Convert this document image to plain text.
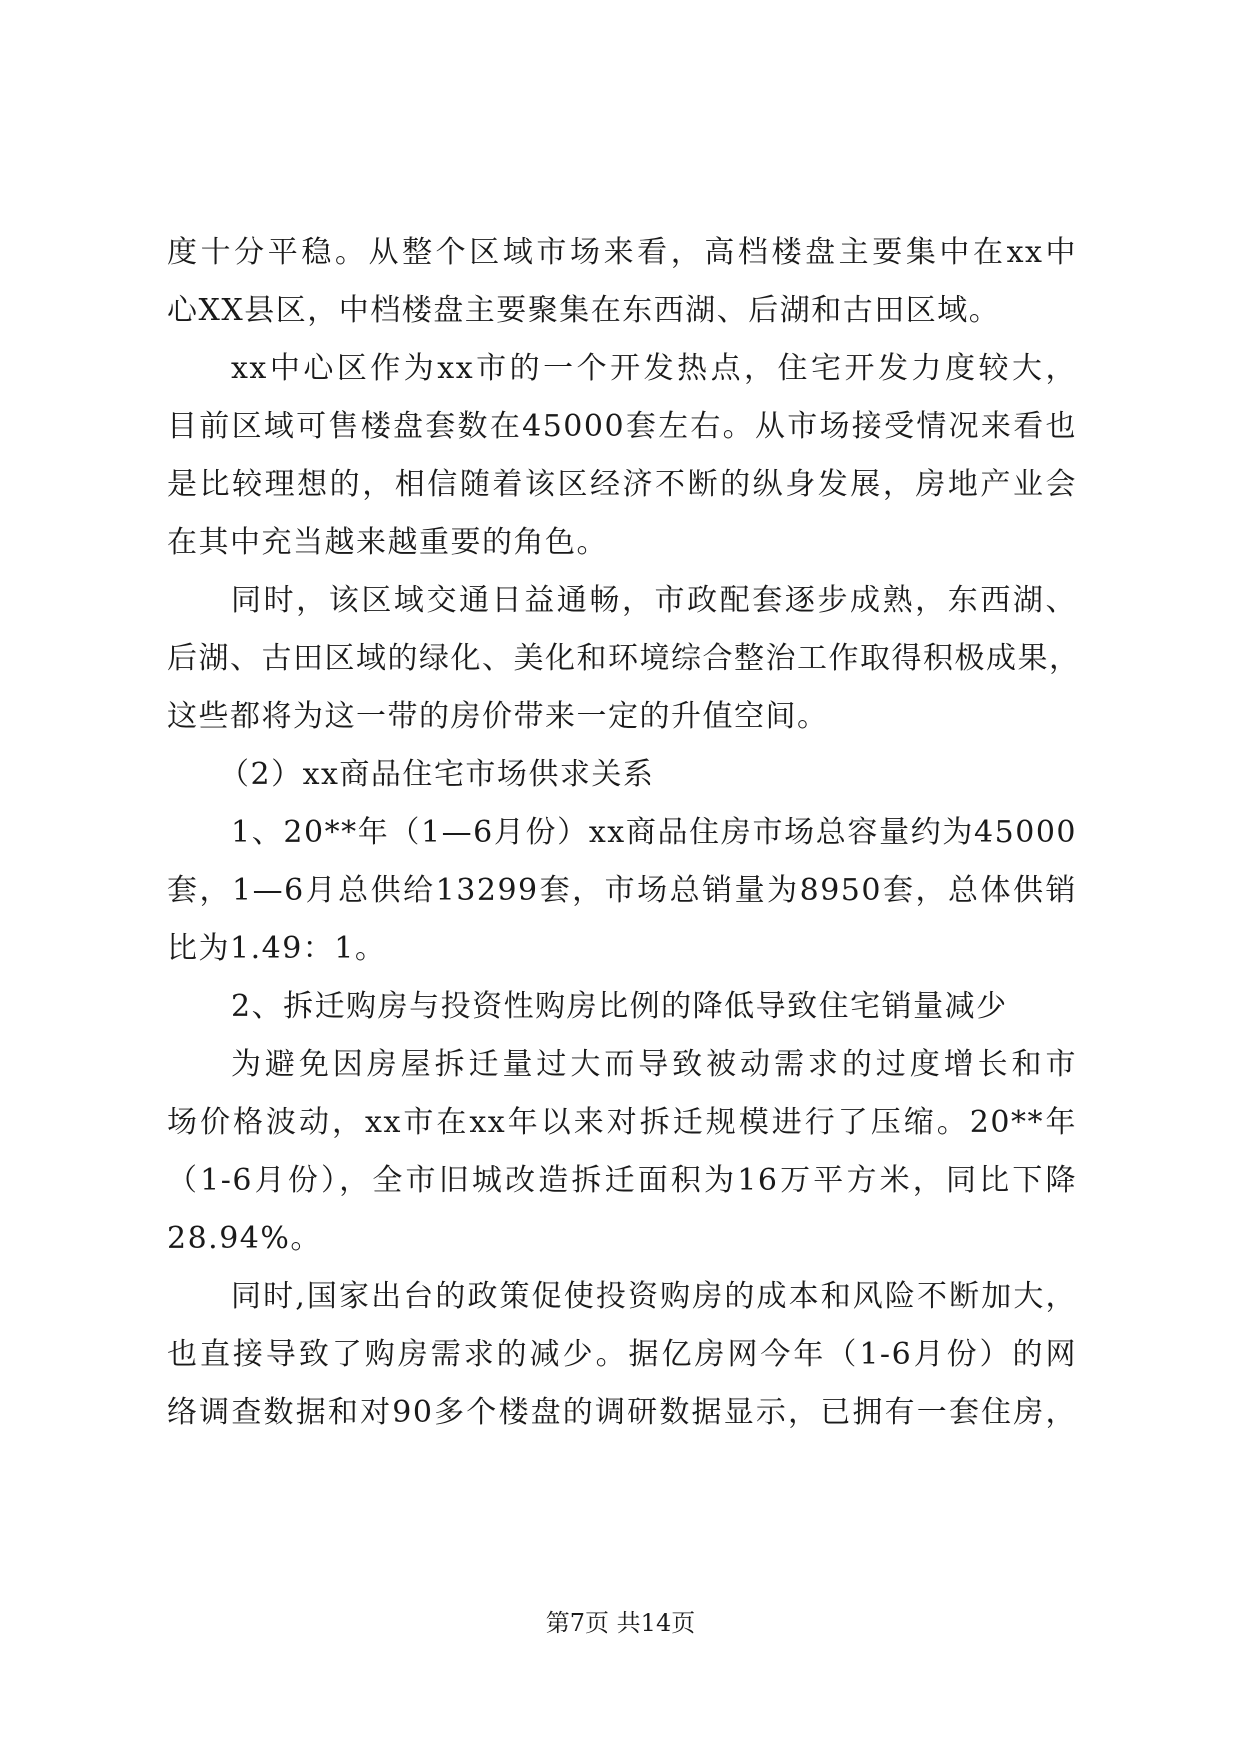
度十分平稳。从整个区域市场来看，高档楼盘主要集中在xx中
心XX县区，中档楼盘主要聚集在东西湖、后湖和古田区域。
xx中心区作为xx市的一个开发热点，住宅开发力度较大，
目前区域可售楼盘套数在45000套左右。从市场接受情况来看也
是比较理想的，相信随着该区经济不断的纵身发展，房地产业会
在其中充当越来越重要的角色。
同时，该区域交通日益通畅，市政配套逐步成熟，东西湖、
后湖、古田区域的绿化、美化和环境综合整治工作取得积极成果，
这些都将为这一带的房价带来一定的升值空间。
（2）xx商品住宅市场供求关系
1、20**年（1—6月份）xx商品住房市场总容量约为45000
套，1—6月总供给13299套，市场总销量为8950套，总体供销
比为1.49：1。
2、拆迁购房与投资性购房比例的降低导致住宅销量减少
为避免因房屋拆迁量过大而导致被动需求的过度增长和市
场价格波动，xx市在xx年以来对拆迁规模进行了压缩。20**年
（1-6月份），全市旧城改造拆迁面积为16万平方米，同比下降
28.94%。
同时,国家出台的政策促使投资购房的成本和风险不断加大，
也直接导致了购房需求的减少。据亿房网今年（1-6月份）的网
络调查数据和对90多个楼盘的调研数据显示，已拥有一套住房，
第7页 共14页
